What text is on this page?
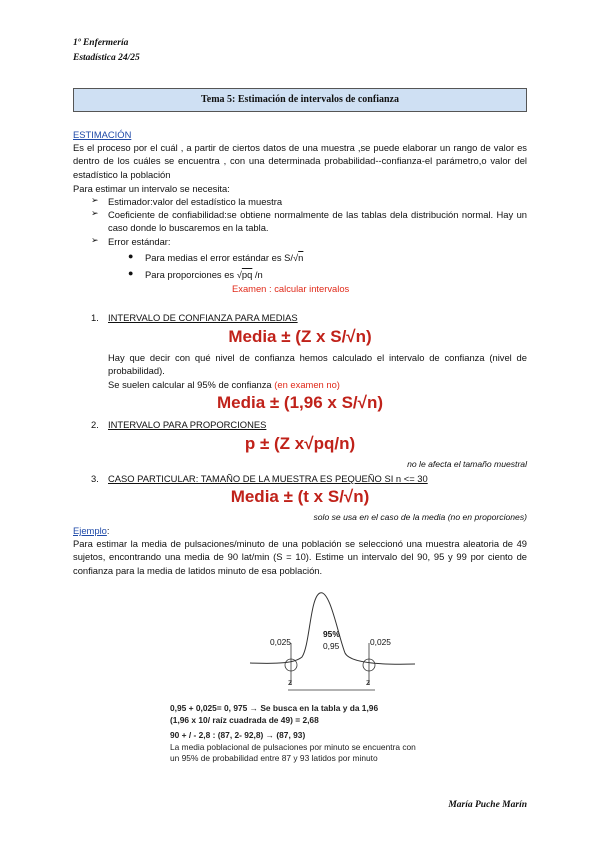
1º Enfermería
Estadística 24/25
Tema 5: Estimación de intervalos de confianza
ESTIMACIÓN
Es el proceso por el cuál , a partir de ciertos datos de una muestra ,se puede elaborar un rango de valor es dentro de los cuáles se encuentra , con una determinada probabilidad--confianza-el parámetro,o valor del estadístico la población
Para estimar un intervalo se necesita:
➢ Estimador:valor del estadístico la muestra
➢ Coeficiente de confiabilidad:se obtiene normalmente de las tablas dela distribución normal. Hay un caso donde lo buscaremos en la tabla.
➢ Error estándar:
● Para medias el error estándar es S/√n
● Para proporciones es √pq /n
Examen : calcular intervalos
1. INTERVALO DE CONFIANZA PARA MEDIAS
Media ± (Z x S/√n)
Hay que decir con qué nivel de confianza hemos calculado el intervalo de confianza (nivel de probabilidad).
Se suelen calcular al 95% de confianza (en examen no)
Media ± (1,96 x S/√n)
2. INTERVALO PARA PROPORCIONES
p ± (Z x√pq/n)
no le afecta el tamaño muestral
3. CASO PARTICULAR: TAMAÑO DE LA MUESTRA ES PEQUEÑO SI n <= 30
Media ± (t x S/√n)
solo se usa en el caso de la media (no en proporciones)
Ejemplo:
Para estimar la media de pulsaciones/minuto de una población se seleccionó una muestra aleatoria de 49 sujetos, encontrando una media de 90 lat/min (S = 10). Estime un intervalo del 90, 95 y 99 por ciento de confianza para la media de latidos minuto de esa población.
0,025	0,025
95%
0,95
z	z
0,95 + 0,025= 0, 975 → Se busca en la tabla y da 1,96
(1,96 x 10/ raíz cuadrada de 49) = 2,68
90 + / - 2,8 : (87, 2- 92,8) → (87, 93)
La media poblacional de pulsaciones por minuto se encuentra con
un 95% de probabilidad entre 87 y 93 latidos por minuto
María Puche Marín
